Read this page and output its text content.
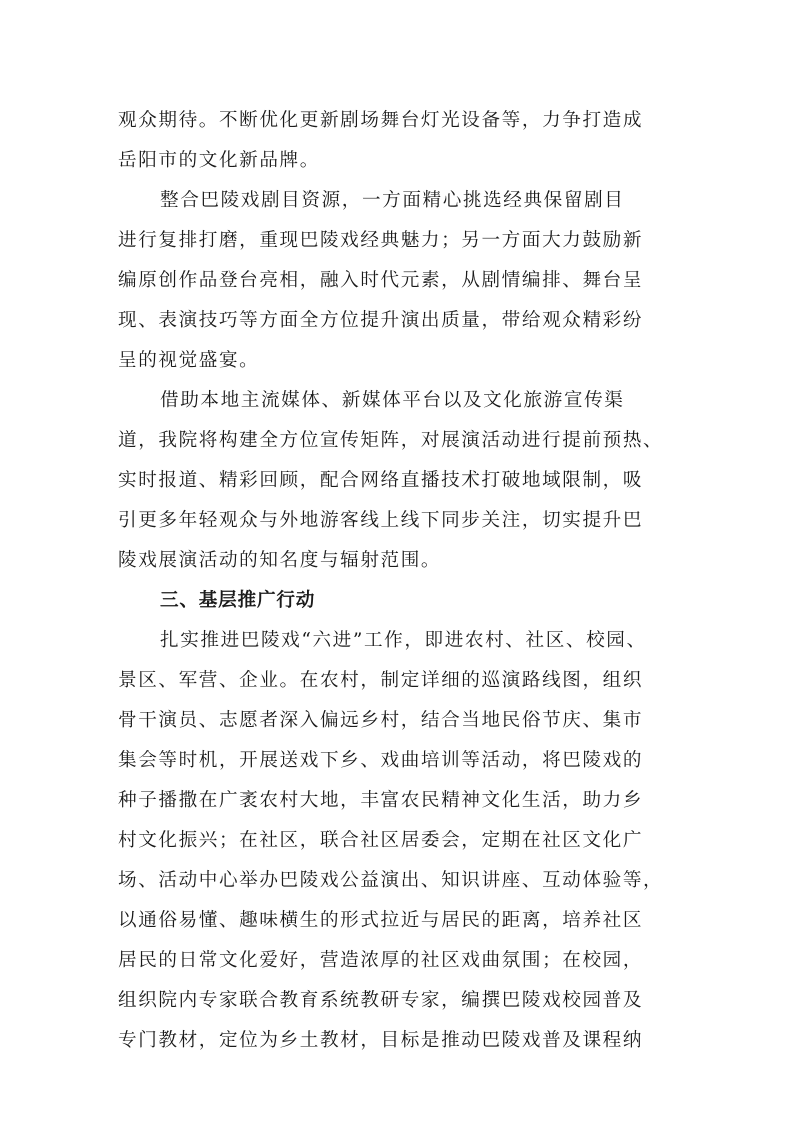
观众期待。不断优化更新剧场舞台灯光设备等，力争打造成
岳阳市的文化新品牌。
整合巴陵戏剧目资源，一方面精心挑选经典保留剧目
进行复排打磨，重现巴陵戏经典魅力；另一方面大力鼓励新
编原创作品登台亮相，融入时代元素，从剧情编排、舞台呈
现、表演技巧等方面全方位提升演出质量，带给观众精彩纷
呈的视觉盛宴。
借助本地主流媒体、新媒体平台以及文化旅游宣传渠
道，我院将构建全方位宣传矩阵，对展演活动进行提前预热、
实时报道、精彩回顾，配合网络直播技术打破地域限制，吸
引更多年轻观众与外地游客线上线下同步关注，切实提升巴
陵戏展演活动的知名度与辐射范围。
三、基层推广行动
扎实推进巴陵戏“六进”工作，即进农村、社区、校园、
景区、军营、企业。在农村，制定详细的巡演路线图，组织
骨干演员、志愿者深入偏远乡村，结合当地民俗节庆、集市
集会等时机，开展送戏下乡、戏曲培训等活动，将巴陵戏的
种子播撒在广袤农村大地，丰富农民精神文化生活，助力乡
村文化振兴；在社区，联合社区居委会，定期在社区文化广
场、活动中心举办巴陵戏公益演出、知识讲座、互动体验等，
以通俗易懂、趣味横生的形式拉近与居民的距离，培养社区
居民的日常文化爱好，营造浓厚的社区戏曲氛围；在校园，
组织院内专家联合教育系统教研专家，编撰巴陵戏校园普及
专门教材，定位为乡土教材，目标是推动巴陵戏普及课程纳
